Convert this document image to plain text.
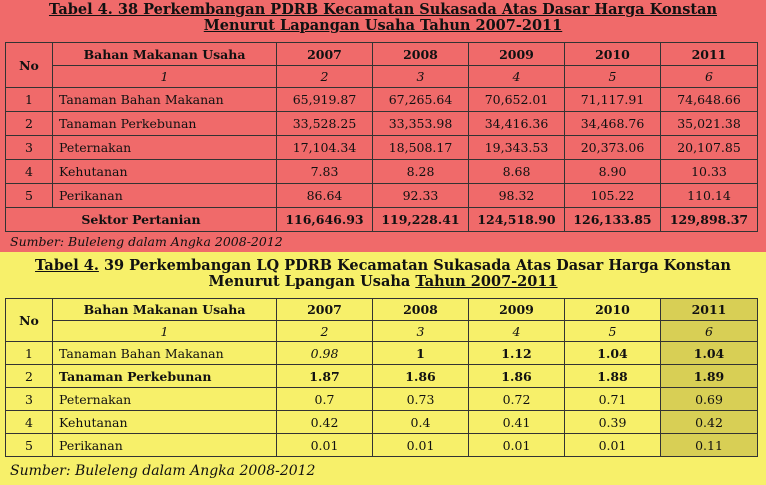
Tabel 4. 38 Perkembangan PDRB Kecamatan Sukasada Atas Dasar Harga Konstan
Menurut Lapangan Usaha Tahun 2007-2011
No	Bahan Makanan Usaha	2007	2008	2009	2010	2011
	1	2	3	4	5	6
1	Tanaman Bahan Makanan	65,919.87	67,265.64	70,652.01	71,117.91	74,648.66
2	Tanaman Perkebunan	33,528.25	33,353.98	34,416.36	34,468.76	35,021.38
3	Peternakan	17,104.34	18,508.17	19,343.53	20,373.06	20,107.85
4	Kehutanan	7.83	8.28	8.68	8.90	10.33
5	Perikanan	86.64	92.33	98.32	105.22	110.14
Sektor Pertanian		116,646.93	119,228.41	124,518.90	126,133.85	129,898.37
Sumber: Buleleng dalam Angka 2008-2012
Tabel 4. 39 Perkembangan LQ PDRB Kecamatan Sukasada Atas Dasar Harga Konstan
Menurut Lpangan Usaha Tahun 2007-2011
No	Bahan Makanan Usaha	2007	2008	2009	2010	2011
	1	2	3	4	5	6
1	Tanaman Bahan Makanan	0.98	1	1.12	1.04	1.04
2	Tanaman Perkebunan	1.87	1.86	1.86	1.88	1.89
3	Peternakan	0.7	0.73	0.72	0.71	0.69
4	Kehutanan	0.42	0.4	0.41	0.39	0.42
5	Perikanan	0.01	0.01	0.01	0.01	0.11
Sumber: Buleleng dalam Angka 2008-2012
